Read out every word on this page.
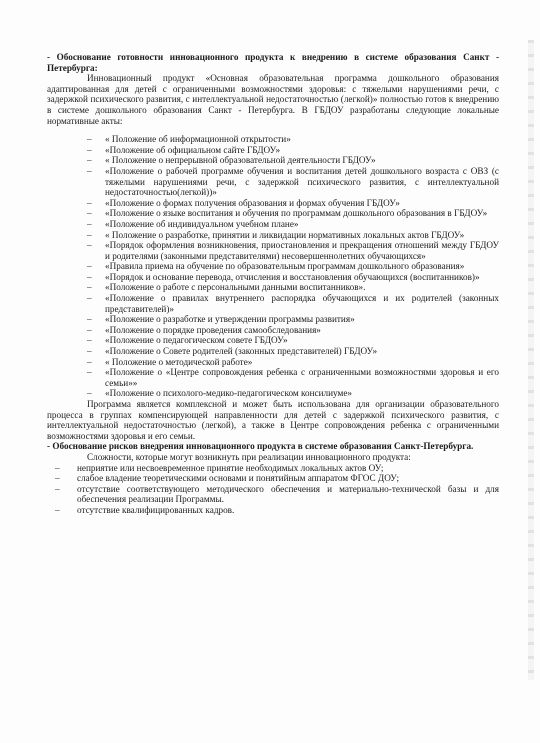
- Обоснование готовности инновационного продукта к внедрению в системе образования Санкт - Петербурга:

Инновационный продукт «Основная образовательная программа дошкольного образования адаптированная для детей с ограниченными возможностями здоровья: с тяжелыми нарушениями речи, с задержкой психического развития, с интеллектуальной недостаточностью (легкой)» полностью готов к внедрению в системе дошкольного образования Санкт - Петербурга. В ГБДОУ разработаны следующие локальные нормативные акты:

– « Положение об информационной открытости»
– «Положение об официальном сайте ГБДОУ»
– « Положение о непрерывной образовательной деятельности ГБДОУ»
– «Положение о рабочей программе обучения и воспитания детей дошкольного возраста с ОВЗ (с тяжелыми нарушениями речи, с задержкой психического развития, с интеллектуальной недостаточностью(легкой))»
– «Положение о формах получения образования и формах обучения ГБДОУ»
– «Положение о языке воспитания и обучения по программам дошкольного образования в ГБДОУ»
– «Положение об индивидуальном учебном плане»
– « Положение о разработке, принятии и ликвидации нормативных локальных актов ГБДОУ»
– «Порядок оформления возникновения, приостановления и прекращения отношений между ГБДОУ и родителями (законными представителями) несовершеннолетних обучающихся»
– «Правила приема на обучение по образовательным программам дошкольного образования»
– «Порядок и основание перевода, отчисления и восстановления обучающихся (воспитанников)»
– «Положение о работе с персональными данными воспитанников».
– «Положение о правилах внутреннего распорядка обучающихся и их родителей (законных представителей)»
– «Положение о разработке и утверждении программы развития»
– «Положение о порядке проведения самообследования»
– «Положение о педагогическом совете ГБДОУ»
– «Положение о Совете родителей (законных представителей) ГБДОУ»
– « Положение о методической работе»
– «Положение о «Центре сопровождения ребенка с ограниченными возможностями здоровья и его семьи»»
– «Положение о психолого-медико-педагогическом консилиуме»

Программа является комплексной и может быть использована для организации образовательного процесса в группах компенсирующей направленности для детей с задержкой психического развития, с интеллектуальной недостаточностью (легкой), а также в Центре сопровождения ребенка с ограниченными возможностями здоровья и его семьи.

- Обоснование рисков внедрения инновационного продукта в системе образования Санкт-Петербурга.

Сложности, которые могут возникнуть при реализации инновационного продукта:

– неприятие или несвоевременное принятие необходимых локальных актов ОУ;
– слабое владение теоретическими основами и понятийным аппаратом ФГОС ДОУ;
– отсутствие соответствующего методического обеспечения и материально-технической базы и для обеспечения реализации Программы.
– отсутствие квалифицированных кадров.
